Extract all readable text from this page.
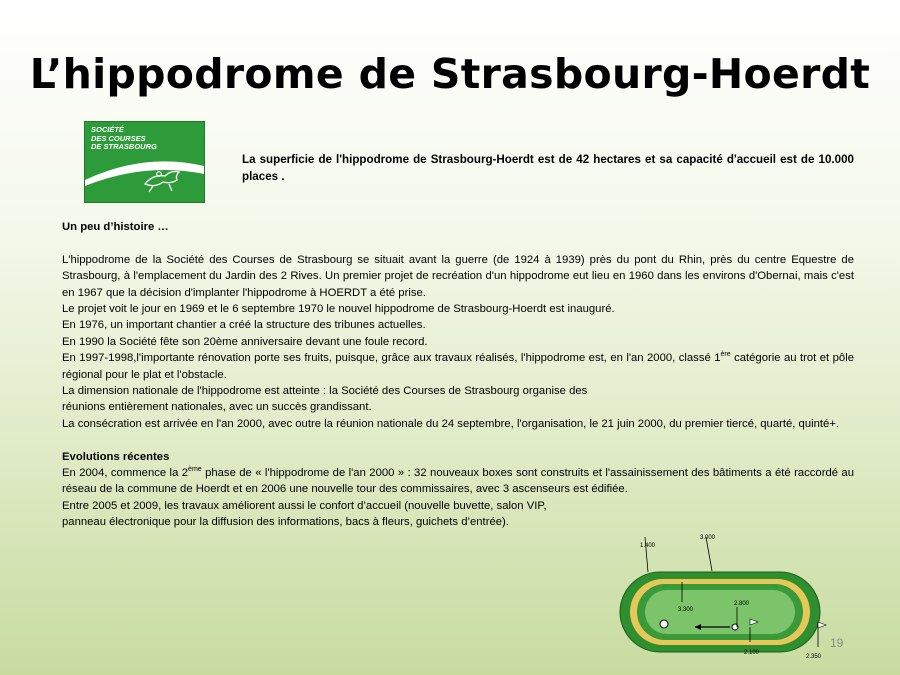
L’hippodrome de Strasbourg-Hoerdt
SOCIÉTÉ
DES COURSES
DE STRASBOURG
La superficie de l'hippodrome de Strasbourg-Hoerdt est de 42 hectares et sa capacité d'accueil est de 10.000 places .

Un peu d’histoire …

L'hippodrome de la Société des Courses de Strasbourg se situait avant la guerre (de 1924 à 1939) près du pont du Rhin, près du centre Equestre de Strasbourg, à l'emplacement du Jardin des 2 Rives. Un premier projet de recréation d'un hippodrome eut lieu en 1960 dans les environs d'Obernai, mais c'est en 1967 que la décision d'implanter l'hippodrome à HOERDT a été prise.

Le projet voit le jour en 1969 et le 6 septembre 1970 le nouvel hippodrome de Strasbourg-Hoerdt est inauguré.

En 1976, un important chantier a créé la structure des tribunes actuelles.

En 1990 la Société fête son 20ème anniversaire devant une foule record.

En 1997-1998,l'importante rénovation porte ses fruits, puisque, grâce aux travaux réalisés, l'hippodrome est, en l'an 2000, classé 1ère catégorie au trot et pôle régional pour le plat et l'obstacle.

La dimension nationale de l'hippodrome est atteinte : la Société des Courses de Strasbourg organise des

réunions entièrement nationales, avec un succès grandissant.

La consécration est arrivée en l'an 2000, avec outre la réunion nationale du 24 septembre, l'organisation, le 21 juin 2000, du premier tiercé, quarté, quinté+.

Evolutions récentes

En 2004, commence la 2ème phase de « l'hippodrome de l'an 2000 » : 32 nouveaux boxes sont construits et l'assainissement des bâtiments a été raccordé au réseau de la commune de Hoerdt et en 2006 une nouvelle tour des commissaires, avec 3 ascenseurs est édifiée.

Entre 2005 et 2009, les travaux améliorent aussi le confort d’accueil (nouvelle buvette, salon VIP,

panneau électronique pour la diffusion des informations, bacs à fleurs, guichets d’entrée).

1.400
3.000
3.300
2.800
2.100
2.350
19
